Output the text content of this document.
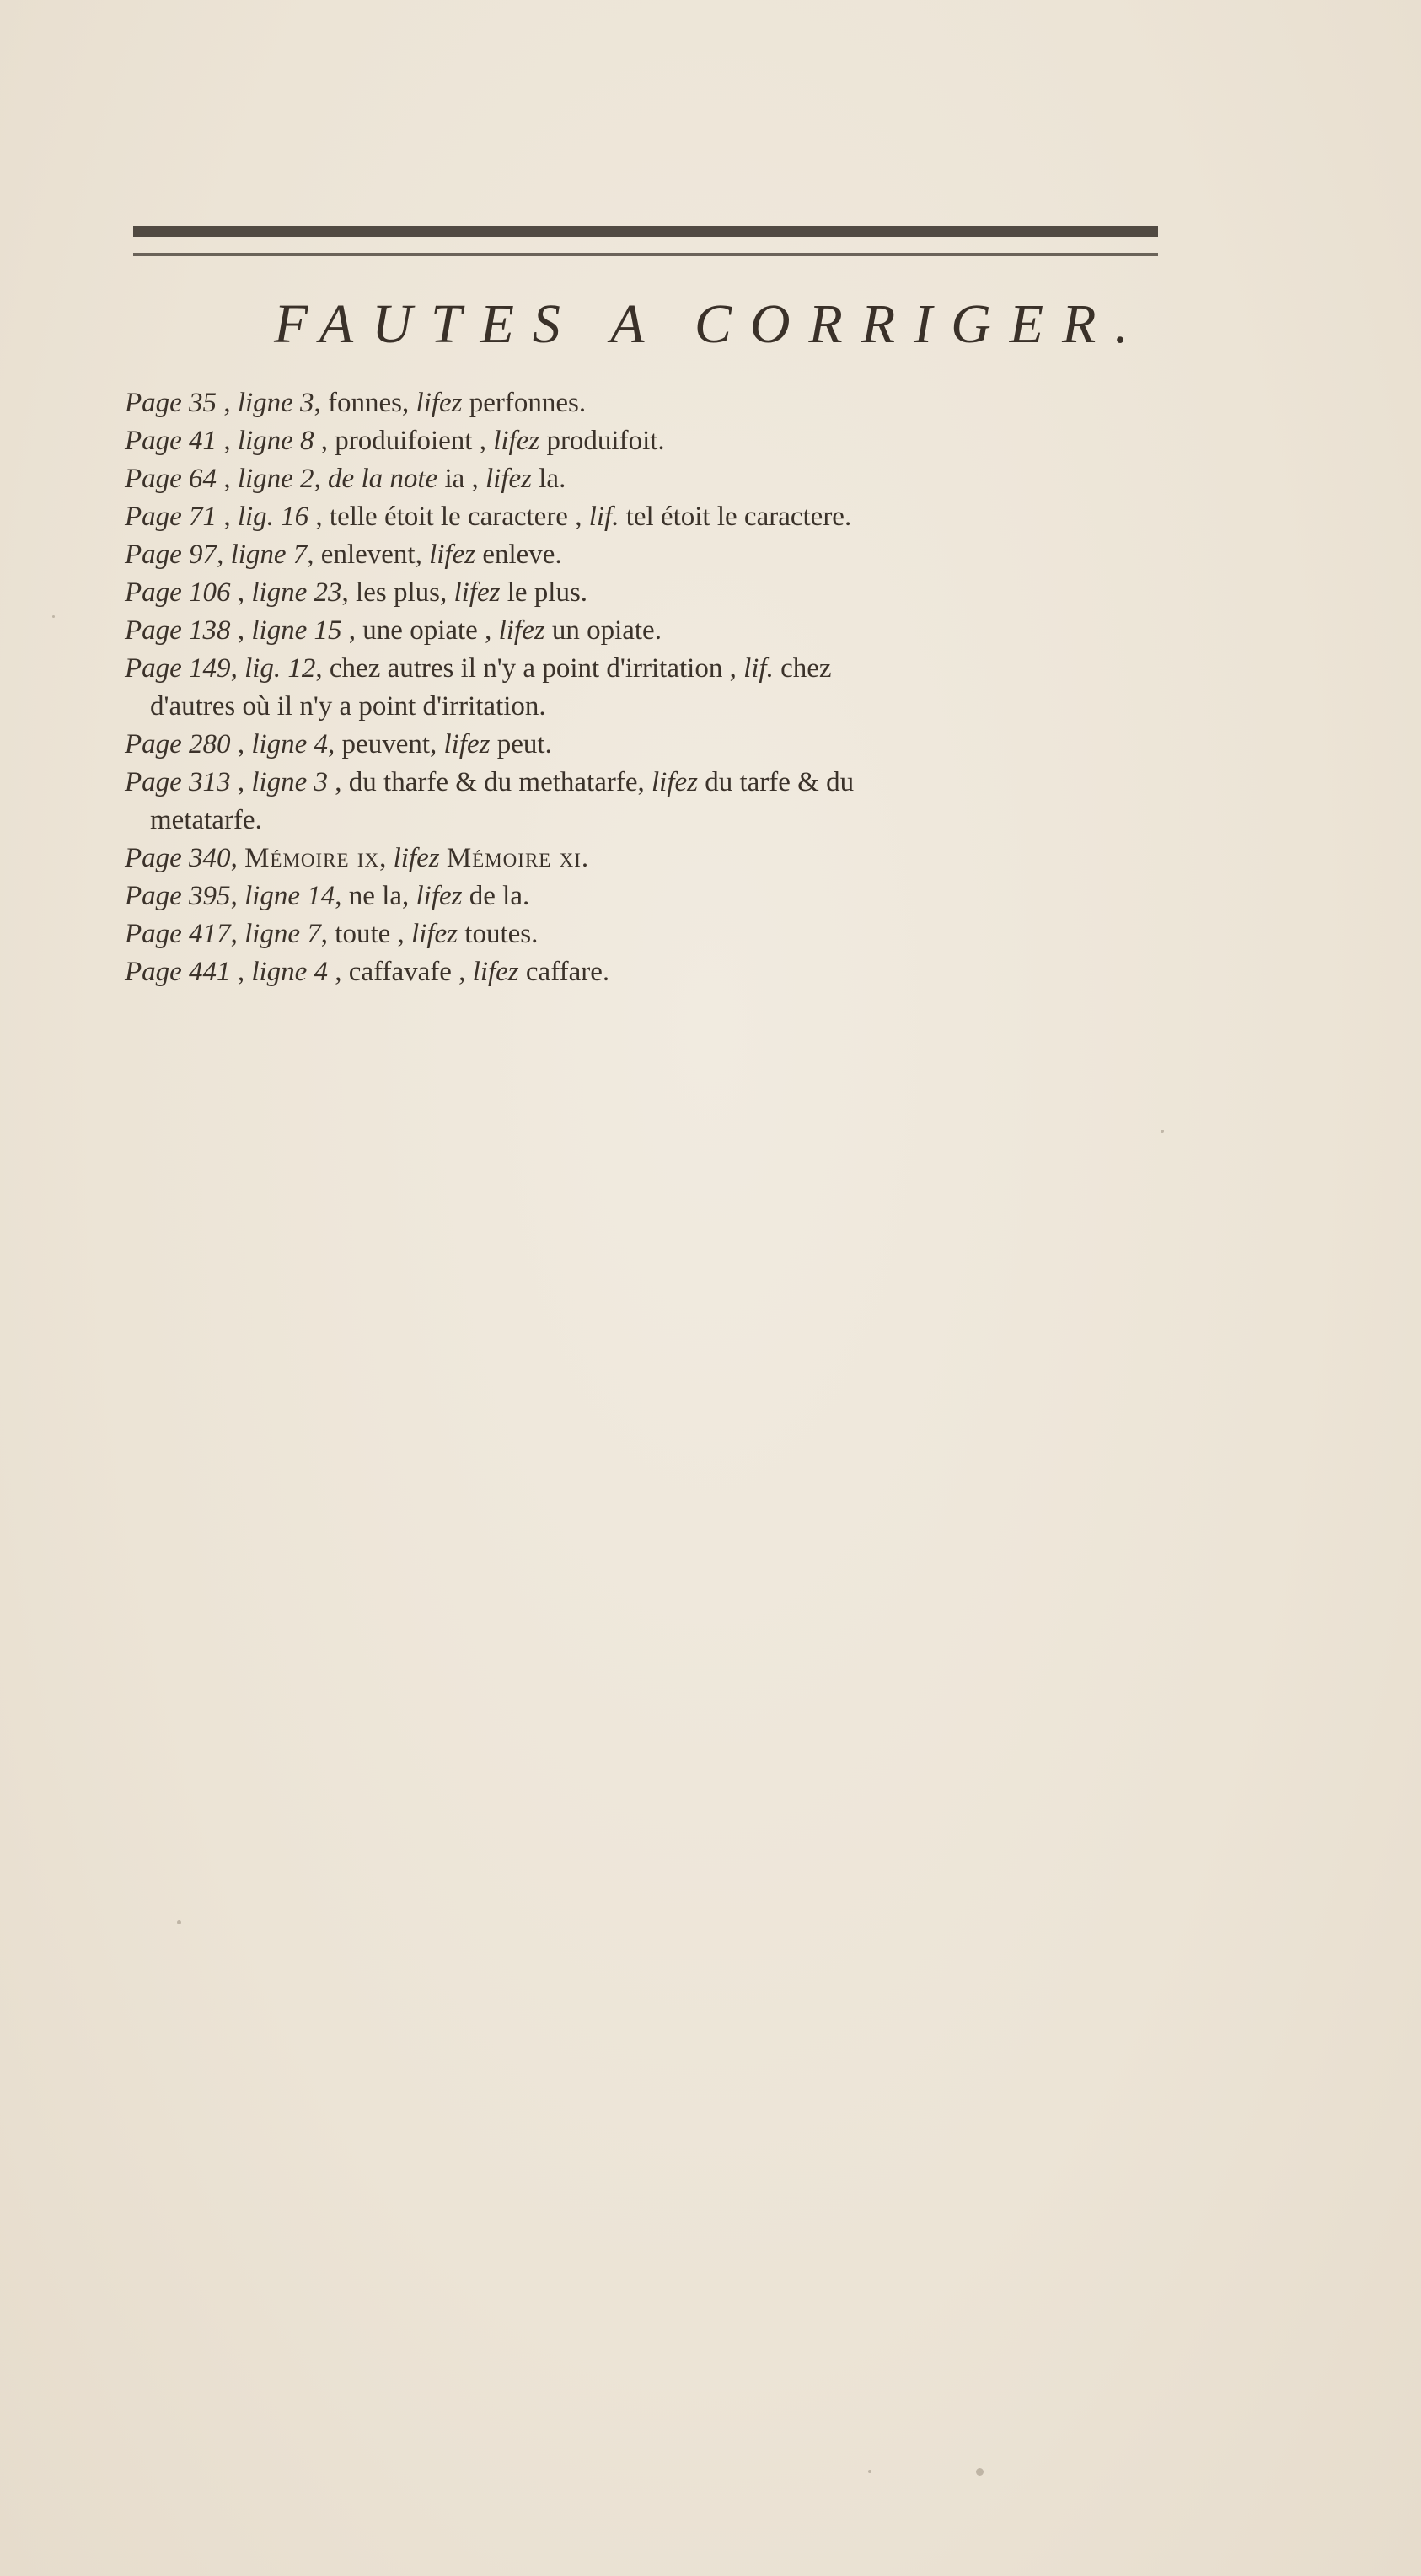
FAUTES A CORRIGER.

Page 35 , ligne 3, fonnes, lifez perfonnes.

Page 41 , ligne 8 , produifoient , lifez produifoit.

Page 64 , ligne 2, de la note ia , lifez la.

Page 71 , lig. 16 , telle étoit le caractere , lif. tel étoit le caractere.

Page 97, ligne 7, enlevent, lifez enleve.

Page 106 , ligne 23, les plus, lifez le plus.

Page 138 , ligne 15 , une opiate , lifez un opiate.

Page 149, lig. 12, chez autres il n'y a point d'irritation , lif. chez
d'autres où il n'y a point d'irritation.

Page 280 , ligne 4, peuvent, lifez peut.

Page 313 , ligne 3 , du tharfe & du methatarfe, lifez du tarfe & du
metatarfe.

Page 340, Mémoire ix, lifez Mémoire xi.

Page 395, ligne 14, ne la, lifez de la.

Page 417, ligne 7, toute , lifez toutes.

Page 441 , ligne 4 , caffavafe , lifez caffare.
